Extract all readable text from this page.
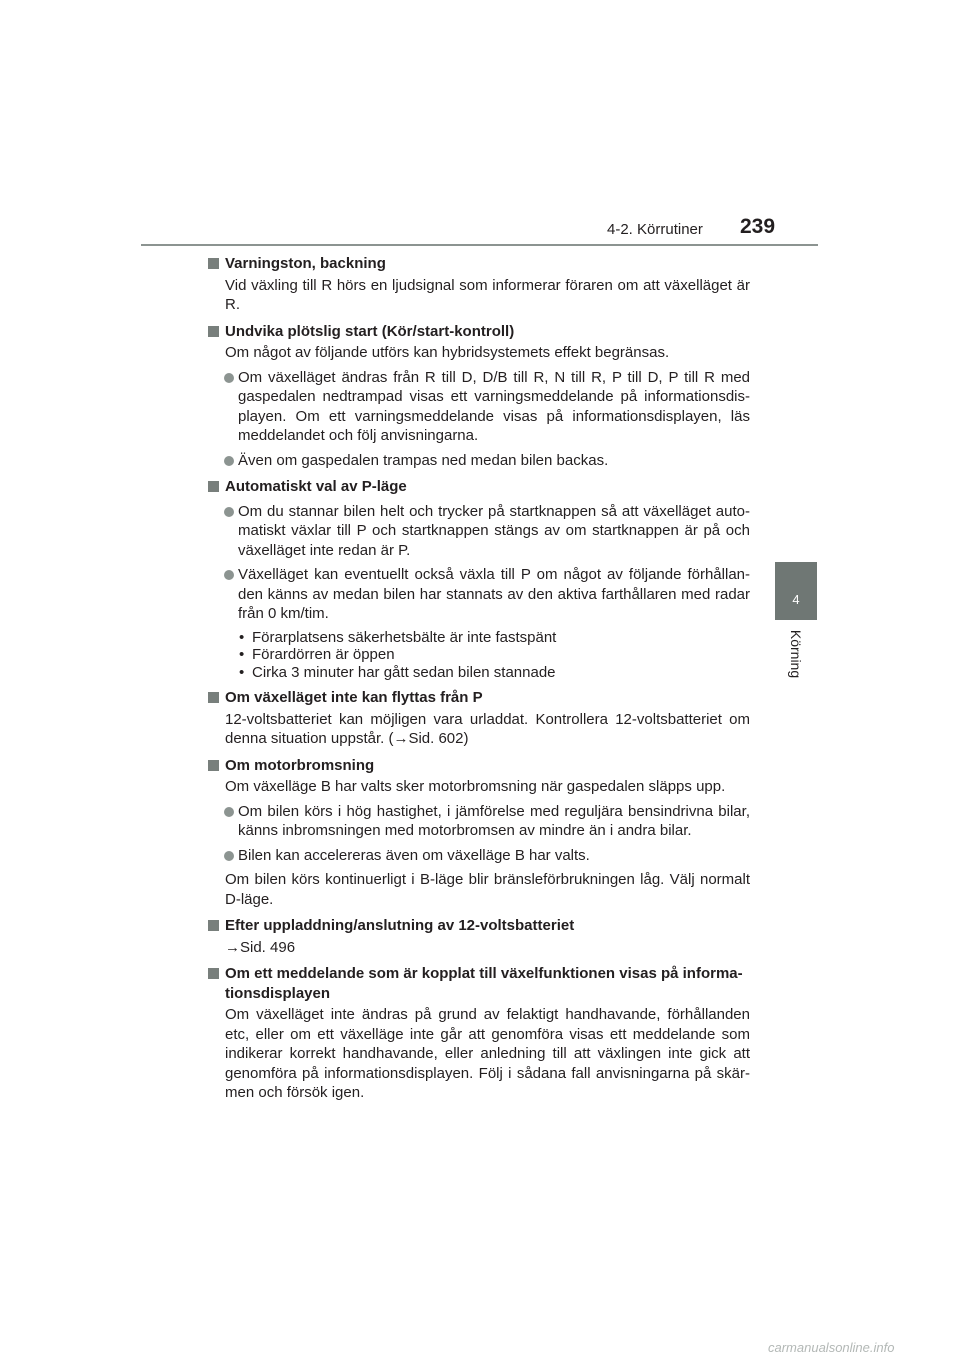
4-2. Körrutiner 239
4
Körning
Varningston, backning
Vid växling till R hörs en ljudsignal som informerar föraren om att växelläget är R.
Undvika plötslig start (Kör/start-kontroll)
Om något av följande utförs kan hybridsystemets effekt begränsas.
Om växelläget ändras från R till D, D/B till R, N till R, P till D, P till R med gaspedalen nedtrampad visas ett varningsmeddelande på informationsdis-playen. Om ett varningsmeddelande visas på informationsdisplayen, läs meddelandet och följ anvisningarna.
Även om gaspedalen trampas ned medan bilen backas.
Automatiskt val av P-läge
Om du stannar bilen helt och trycker på startknappen så att växelläget auto-matiskt växlar till P och startknappen stängs av om startknappen är på och växelläget inte redan är P.
Växelläget kan eventuellt också växla till P om något av följande förhållan-den känns av medan bilen har stannats av den aktiva farthållaren med radar från 0 km/tim.
• Förarplatsens säkerhetsbälte är inte fastspänt
• Förardörren är öppen
• Cirka 3 minuter har gått sedan bilen stannade
Om växelläget inte kan flyttas från P
12-voltsbatteriet kan möjligen vara urladdat. Kontrollera 12-voltsbatteriet om denna situation uppstår. (→Sid. 602)
Om motorbromsning
Om växelläge B har valts sker motorbromsning när gaspedalen släpps upp.
Om bilen körs i hög hastighet, i jämförelse med reguljära bensindrivna bilar, känns inbromsningen med motorbromsen av mindre än i andra bilar.
Bilen kan accelereras även om växelläge B har valts.
Om bilen körs kontinuerligt i B-läge blir bränsleförbrukningen låg. Välj normalt D-läge.
Efter uppladdning/anslutning av 12-voltsbatteriet
→Sid. 496
Om ett meddelande som är kopplat till växelfunktionen visas på informa-tionsdisplayen
Om växelläget inte ändras på grund av felaktigt handhavande, förhållanden etc, eller om ett växelläge inte går att genomföra visas ett meddelande som indikerar korrekt handhavande, eller anledning till att växlingen inte gick att genomföra på informationsdisplayen. Följ i sådana fall anvisningarna på skär-men och försök igen.
carmanualsonline.info
